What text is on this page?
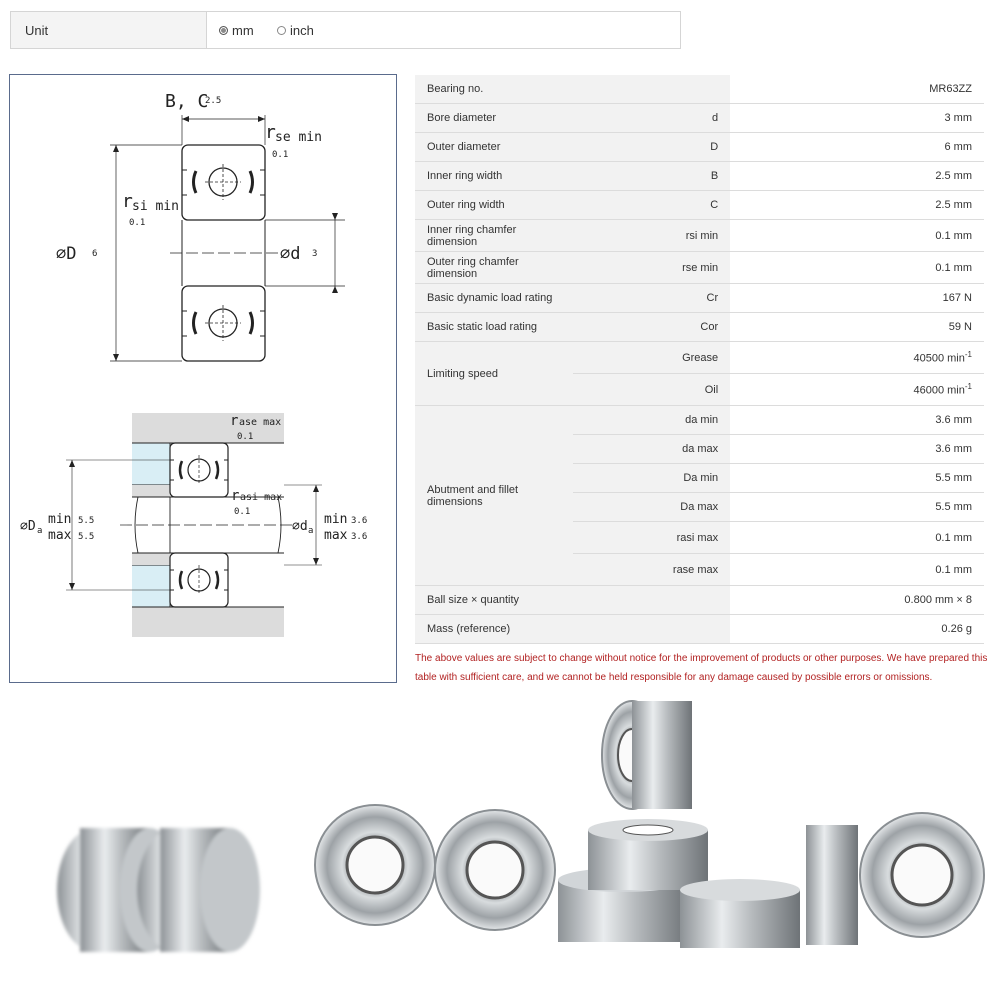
Unit	mm	inch
B, C
2.5
r se min
0.1
r si min
0.1
⌀D 6	⌀d 3
r ase max
0.1
r asi max
0.1
⌀D a
min 5.5
max 5.5
⌀d a
min 3.6
max 3.6
Bearing no.		MR63ZZ
Bore diameter	d	3 mm
Outer diameter	D	6 mm
Inner ring width	B	2.5 mm
Outer ring width	C	2.5 mm
Inner ring chamfer dimension	rsi min	0.1 mm
Outer ring chamfer dimension	rse min	0.1 mm
Basic dynamic load rating	Cr	167 N
Basic static load rating	Cor	59 N
Limiting speed	Grease	40500 $\min^{-1}$
	Oil	46000 $\min^{-1}$
Abutment and fillet dimensions	da min	3.6 mm
	da max	3.6 mm
	Da min	5.5 mm
	Da max	5.5 mm
	rasi max	0.1 mm
	rase max	0.1 mm
Ball size × quantity		0.800 mm × 8
Mass (reference)		0.26 g
The above values are subject to change without notice for the improvement of products or other purposes. We have prepared this table with sufficient care, and we cannot be held responsible for any damage caused by possible errors or omissions.
